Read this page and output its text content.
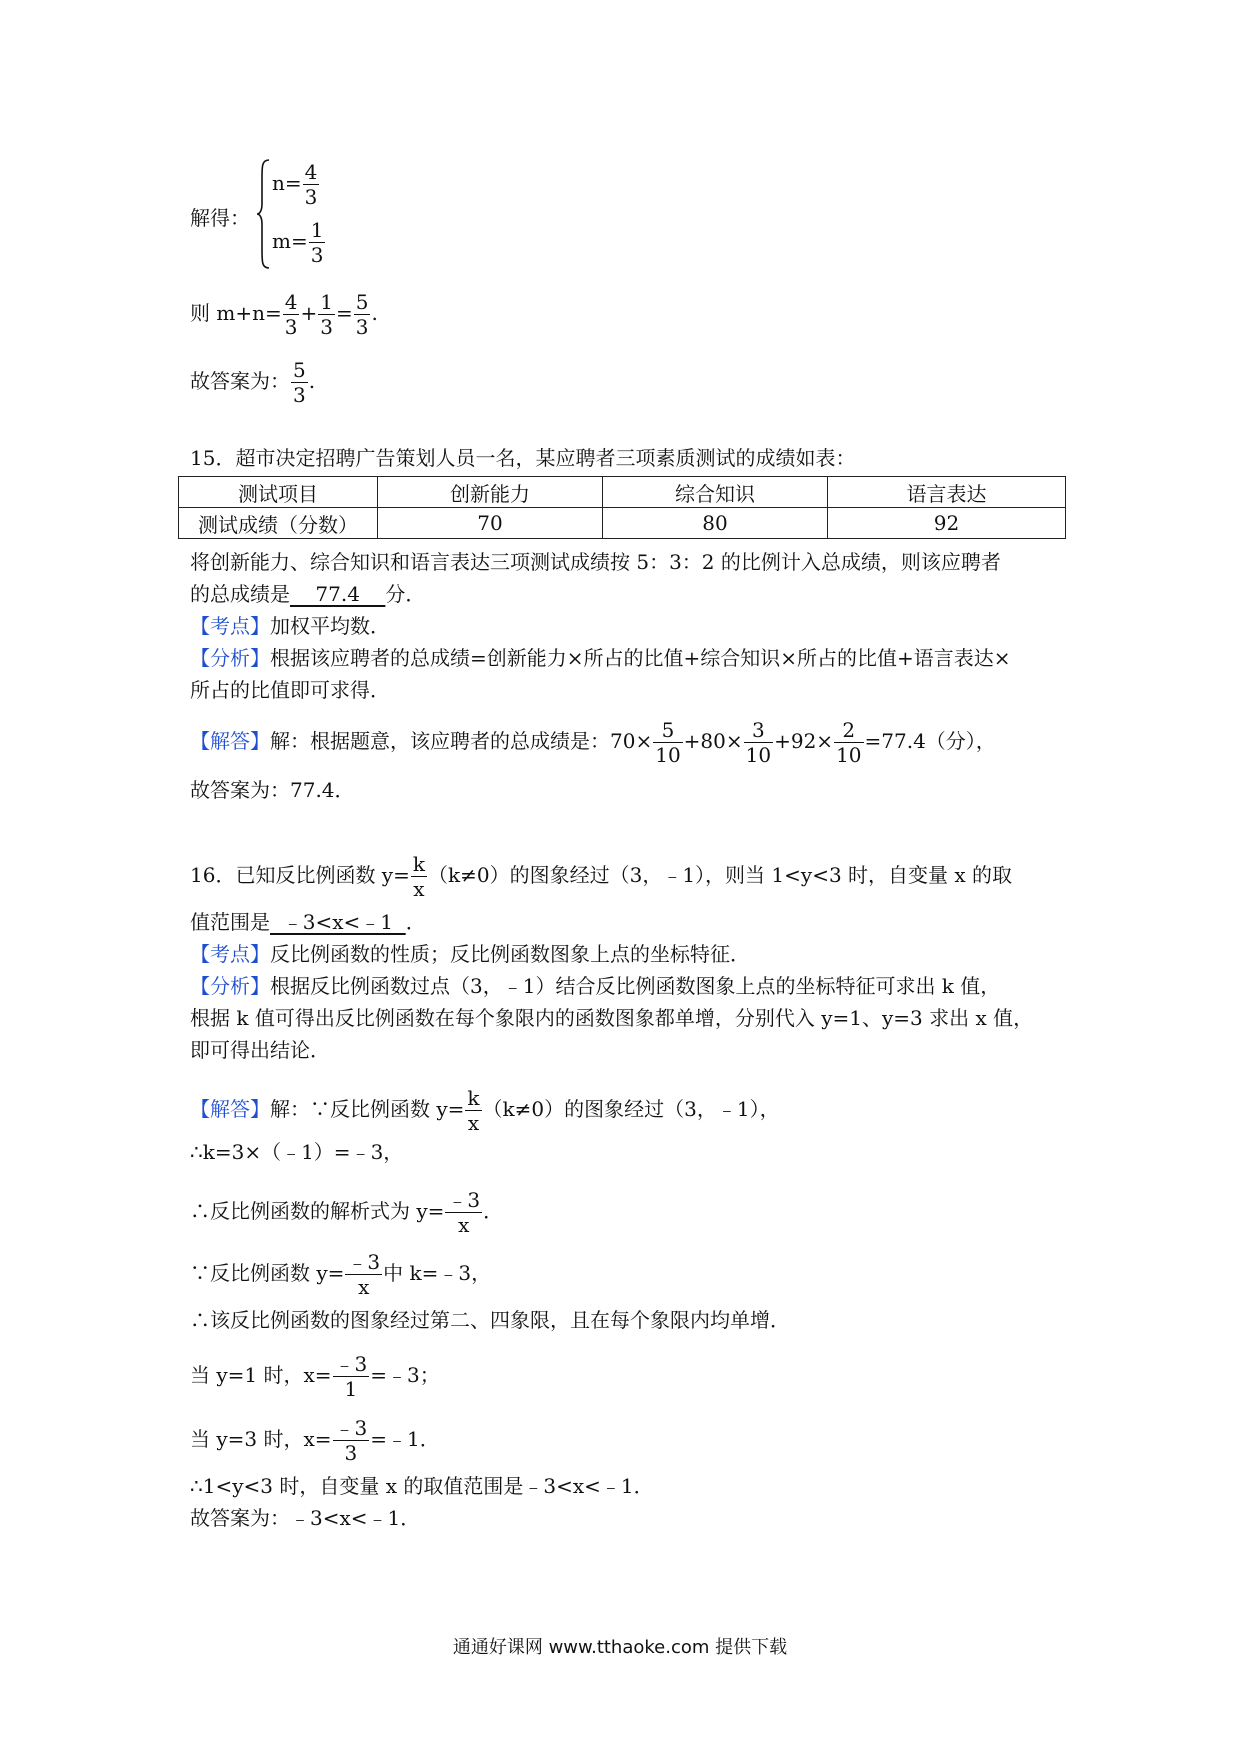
解得：
$n= \frac{4}{3}$
$m= \frac{1}{3}$
则 $m+n= \frac{4}{3} + \frac{1}{3} = \frac{5}{3}$ .
故答案为： $\frac{5}{3}$ .
15．超市决定招聘广告策划人员一名，某应聘者三项素质测试的成绩如表：
测试项目	创新能力	综合知识	语言表达
测试成绩（分数）	70	80	92
将创新能力、综合知识和语言表达三项测试成绩按 5：3：2 的比例计入总成绩，则该应聘者
的总成绩是    77.4    分．
【考点】加权平均数．
【分析】根据该应聘者的总成绩=创新能力×所占的比值+综合知识×所占的比值+语言表达×
所占的比值即可求得．
【解答】解：根据题意，该应聘者的总成绩是：$70\times \frac{5}{10} +80\times \frac{3}{10} +92\times \frac{2}{10} =77.4$（分），
故答案为：77.4．
16．已知反比例函数 $y= \frac{k}{x} (k\ne 0)$的图象经过（3，﹣1），则当 1<y<3 时，自变量 x 的取
值范围是  ﹣3<x<﹣1  ．
【考点】反比例函数的性质；反比例函数图象上点的坐标特征．
【分析】根据反比例函数过点（3，﹣1）结合反比例函数图象上点的坐标特征可求出 k 值，
根据 k 值可得出反比例函数在每个象限内的函数图象都单增，分别代入 y=1、y=3 求出 x 值，
即可得出结论．
【解答】解：∵反比例函数 $y= \frac{k}{x} (k\ne 0)$的图象经过（3，﹣1），
∴k=3×（﹣1）=﹣3，
∴反比例函数的解析式为 $y= \frac{﹣3}{x}$ ．
∵反比例函数 $y= \frac{﹣3}{x}$ 中 k=﹣3，
∴该反比例函数的图象经过第二、四象限，且在每个象限内均单增．
当 y=1 时，$x= \frac{﹣3}{1}$ =﹣3；
当 y=3 时，$x= \frac{﹣3}{3}$ =﹣1．
∴1<y<3 时，自变量 x 的取值范围是﹣3<x<﹣1．
故答案为：﹣3<x<﹣1．
通通好课网 www.tthaoke.com 提供下载
